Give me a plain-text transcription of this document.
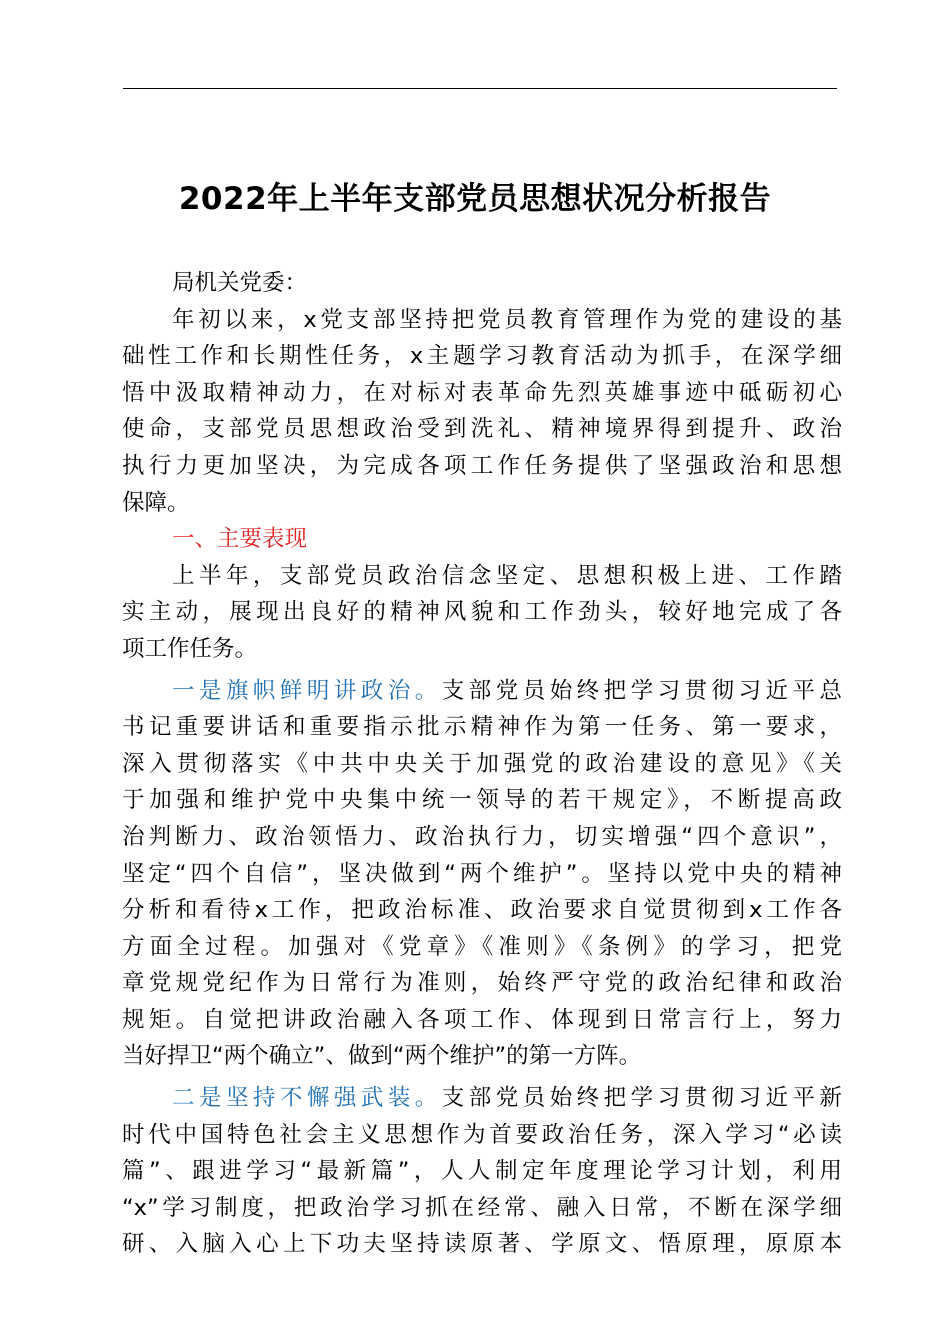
2022年上半年支部党员思想状况分析报告
局机关党委：
年初以来，x党支部坚持把党员教育管理作为党的建设的基
础性工作和长期性任务，x主题学习教育活动为抓手，在深学细
悟中汲取精神动力，在对标对表革命先烈英雄事迹中砥砺初心
使命，支部党员思想政治受到洗礼、精神境界得到提升、政治
执行力更加坚决，为完成各项工作任务提供了坚强政治和思想
保障。
一、主要表现
上半年，支部党员政治信念坚定、思想积极上进、工作踏
实主动，展现出良好的精神风貌和工作劲头，较好地完成了各
项工作任务。
一是旗帜鲜明讲政治。支部党员始终把学习贯彻习近平总
书记重要讲话和重要指示批示精神作为第一任务、第一要求，
深入贯彻落实《中共中央关于加强党的政治建设的意见》《关
于加强和维护党中央集中统一领导的若干规定》，不断提高政
治判断力、政治领悟力、政治执行力，切实增强“四个意识”，
坚定“四个自信”，坚决做到“两个维护”。坚持以党中央的精神
分析和看待x工作，把政治标准、政治要求自觉贯彻到x工作各
方面全过程。加强对《党章》《准则》《条例》的学习，把党
章党规党纪作为日常行为准则，始终严守党的政治纪律和政治
规矩。自觉把讲政治融入各项工作、体现到日常言行上，努力
当好捍卫“两个确立”、做到“两个维护”的第一方阵。
二是坚持不懈强武装。支部党员始终把学习贯彻习近平新
时代中国特色社会主义思想作为首要政治任务，深入学习“必读
篇”、跟进学习“最新篇”，人人制定年度理论学习计划，利用
“x”学习制度，把政治学习抓在经常、融入日常，不断在深学细
研、入脑入心上下功夫坚持读原著、学原文、悟原理，原原本
